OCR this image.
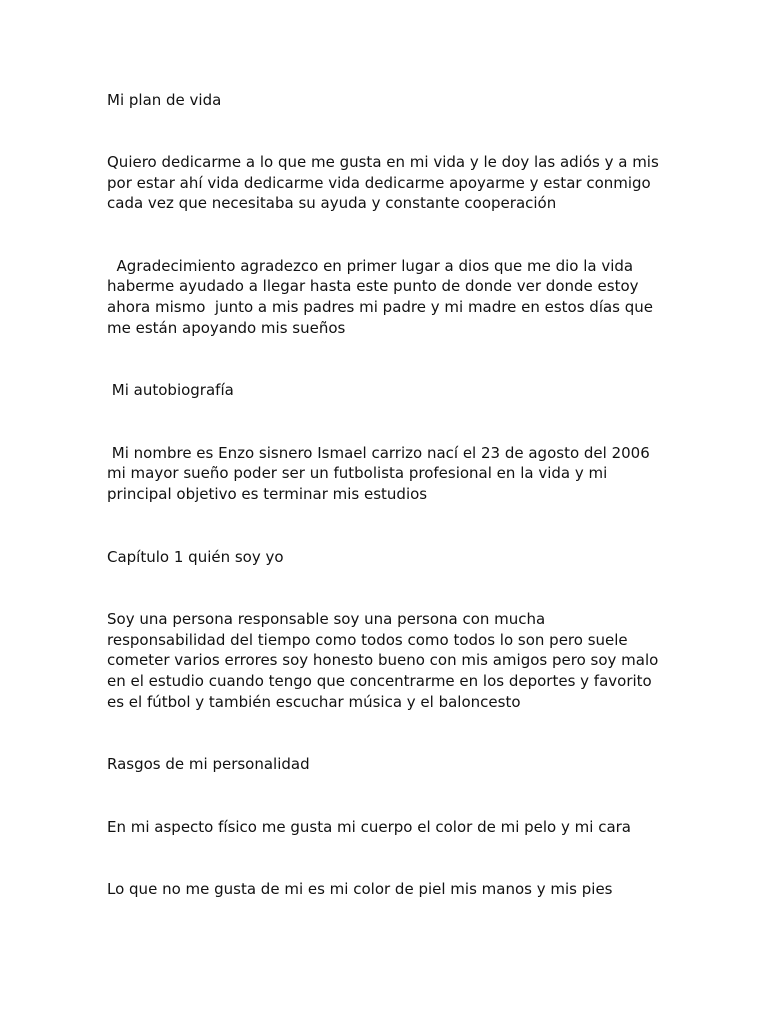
Mi plan de vida

Quiero dedicarme a lo que me gusta en mi vida y le doy las adiós y a mis por estar ahí vida dedicarme vida dedicarme apoyarme y estar conmigo cada vez que necesitaba su ayuda y constante cooperación

Agradecimiento agradezco en primer lugar a dios que me dio la vida haberme ayudado a llegar hasta este punto de donde ver donde estoy ahora mismo  junto a mis padres mi padre y mi madre en estos días que me están apoyando mis sueños

Mi autobiografía

Mi nombre es Enzo sisnero Ismael carrizo nací el 23 de agosto del 2006 mi mayor sueño poder ser un futbolista profesional en la vida y mi principal objetivo es terminar mis estudios

Capítulo 1 quién soy yo

Soy una persona responsable soy una persona con mucha responsabilidad del tiempo como todos como todos lo son pero suele cometer varios errores soy honesto bueno con mis amigos pero soy malo en el estudio cuando tengo que concentrarme en los deportes y favorito es el fútbol y también escuchar música y el baloncesto

Rasgos de mi personalidad

En mi aspecto físico me gusta mi cuerpo el color de mi pelo y mi cara

Lo que no me gusta de mi es mi color de piel mis manos y mis pies
